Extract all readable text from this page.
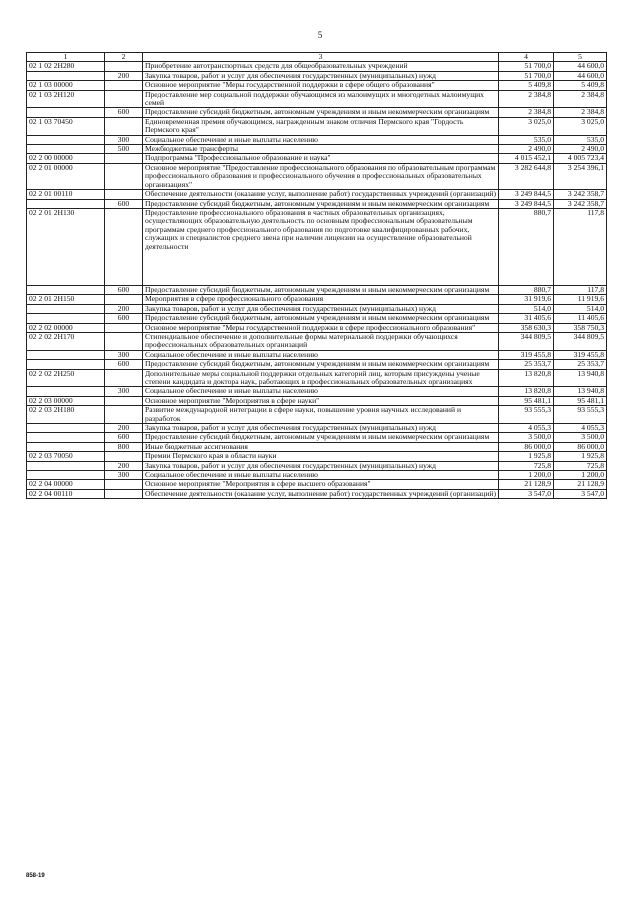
5
1	2	3	4	5
02 1 02 2Н280		Приобретение автотранспортных средств для общеобразовательных учреждений	51 700,0	44 600,0
	200	Закупка товаров, работ и услуг для обеспечения государственных (муниципальных) нужд	51 700,0	44 600,0
02 1 03 00000		Основное мероприятие "Меры государственной поддержки в сфере общего образования"	5 409,8	5 409,8
02 1 03 2Н120		Предоставление мер социальной поддержки обучающимся из малоимущих и многодетных малоимущих семей	2 384,8	2 384,8
	600	Предоставление субсидий бюджетным, автономным учреждениям и иным некоммерческим организациям	2 384,8	2 384,8
02 1 03 70450		Единовременная премия обучающимся, награжденным знаком отличия Пермского края "Гордость Пермского края"	3 025,0	3 025,0
	300	Социальное обеспечение и иные выплаты населению	535,0	535,0
	500	Межбюджетные трансферты	2 490,0	2 490,0
02 2 00 00000		Подпрограмма "Профессиональное образование и наука"	4 015 452,1	4 005 723,4
02 2 01 00000		Основное мероприятие "Предоставление профессионального образования по образовательным программам профессионального образования и профессионального обучения в профессиональных образовательных организациях"	3 282 644,8	3 254 396,1
02 2 01 00110		Обеспечение деятельности (оказание услуг, выполнение работ) государственных учреждений (организаций)	3 249 844,5	3 242 358,7
	600	Предоставление субсидий бюджетным, автономным учреждениям и иным некоммерческим организациям	3 249 844,5	3 242 358,7
02 2 01 2Н130		Предоставление профессионального образования в частных образовательных организациях, осуществляющих образовательную деятельность по основным профессиональным образовательным программам среднего профессионального образования по подготовке квалифицированных рабочих, служащих и специалистов среднего звена при наличии лицензии на осуществление образовательной деятельности	880,7	117,8
	600	Предоставление субсидий бюджетным, автономным учреждениям и иным некоммерческим организациям	880,7	117,8
02 2 01 2Н150		Мероприятия в сфере профессионального образования	31 919,6	11 919,6
	200	Закупка товаров, работ и услуг для обеспечения государственных (муниципальных) нужд	514,0	514,0
	600	Предоставление субсидий бюджетным, автономным учреждениям и иным некоммерческим организациям	31 405,6	11 405,6
02 2 02 00000		Основное мероприятие "Меры государственной поддержки в сфере профессионального образования"	358 630,3	358 750,3
02 2 02 2Н170		Стипендиальное обеспечение и дополнительные формы материальной поддержки обучающихся профессиональных образовательных организаций	344 809,5	344 809,5
	300	Социальное обеспечение и иные выплаты населению	319 455,8	319 455,8
	600	Предоставление субсидий бюджетным, автономным учреждениям и иным некоммерческим организациям	25 353,7	25 353,7
02 2 02 2Н250		Дополнительные меры социальной поддержки отдельных категорий лиц, которым присуждены ученые степени кандидата и доктора наук, работающих в профессиональных образовательных организациях	13 820,8	13 940,8
	300	Социальное обеспечение и иные выплаты населению	13 820,8	13 940,8
02 2 03 00000		Основное мероприятие "Мероприятия в сфере науки"	95 481,1	95 481,1
02 2 03 2Н180		Развитие международной интеграции в сфере науки, повышение уровня научных исследований и разработок	93 555,3	93 555,3
	200	Закупка товаров, работ и услуг для обеспечения государственных (муниципальных) нужд	4 055,3	4 055,3
	600	Предоставление субсидий бюджетным, автономным учреждениям и иным некоммерческим организациям	3 500,0	3 500,0
	800	Иные бюджетные ассигнования	86 000,0	86 000,0
02 2 03 70050		Премии Пермского края в области науки	1 925,8	1 925,8
	200	Закупка товаров, работ и услуг для обеспечения государственных (муниципальных) нужд	725,8	725,8
	300	Социальное обеспечение и иные выплаты населению	1 200,0	1 200,0
02 2 04 00000		Основное мероприятие "Мероприятия в сфере высшего образования"	21 128,9	21 128,9
02 2 04 00110		Обеспечение деятельности (оказание услуг, выполнение работ) государственных учреждений (организаций)	3 547,0	3 547,0
858-19
